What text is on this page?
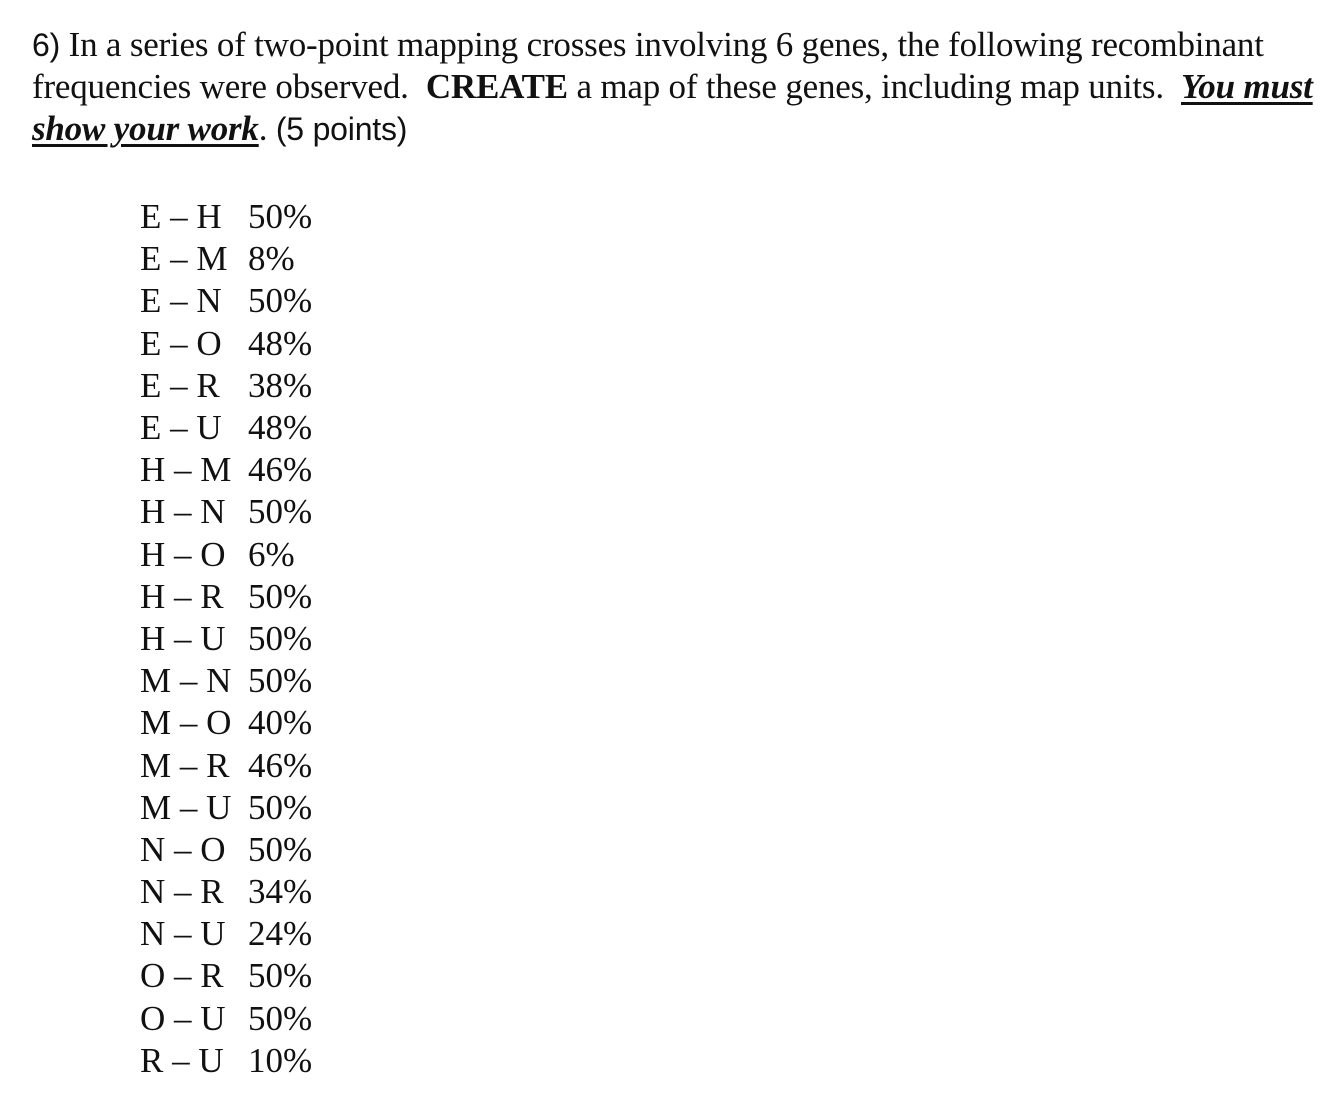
6) In a series of two-point mapping crosses involving 6 genes, the following recombinant frequencies were observed. CREATE a map of these genes, including map units. You must show your work. (5 points)
E – H 50%
E – M 8%
E – N 50%
E – O 48%
E – R 38%
E – U 48%
H – M 46%
H – N 50%
H – O 6%
H – R 50%
H – U 50%
M – N 50%
M – O 40%
M – R 46%
M – U 50%
N – O 50%
N – R 34%
N – U 24%
O – R 50%
O – U 50%
R – U 10%
